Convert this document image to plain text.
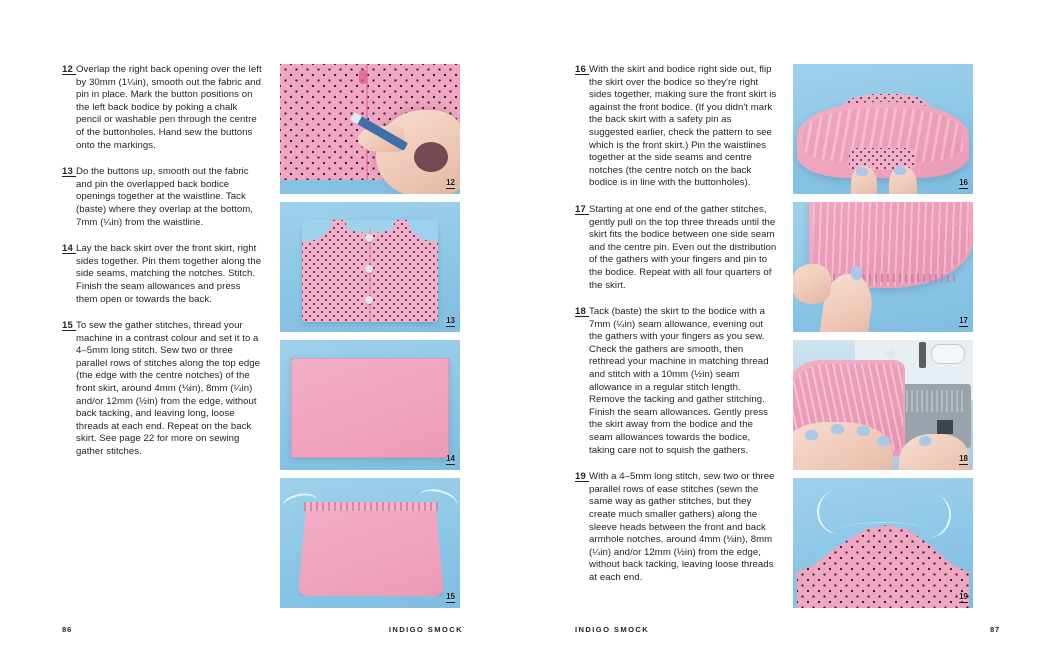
12 Overlap the right back opening over the left by 30mm (1¼in), smooth out the fabric and pin in place. Mark the button positions on the left back bodice by poking a chalk pencil or washable pen through the centre of the buttonholes. Hand sew the buttons onto the markings.
13 Do the buttons up, smooth out the fabric and pin the overlapped back bodice openings together at the waistline. Tack (baste) where they overlap at the bottom, 7mm (¼in) from the waistline.
14 Lay the back skirt over the front skirt, right sides together. Pin them together along the side seams, matching the notches. Stitch. Finish the seam allowances and press them open or towards the back.
15 To sew the gather stitches, thread your machine in a contrast colour and set it to a 4–5mm long stitch. Sew two or three parallel rows of stitches along the top edge (the edge with the centre notches) of the front skirt, around 4mm (⅛in), 8mm (¼in) and/or 12mm (½in) from the edge, without back tacking, and leaving long, loose threads at each end. Repeat on the back skirt. See page 22 for more on sewing gather stitches.
12
13
14
15
86	INDIGO SMOCK
16 With the skirt and bodice right side out, flip the skirt over the bodice so they're right sides together, making sure the front skirt is against the front bodice. (If you didn't mark the back skirt with a safety pin as suggested earlier, check the pattern to see which is the front skirt.) Pin the waistlines together at the side seams and centre notches (the centre notch on the back bodice is in line with the buttonholes).
17 Starting at one end of the gather stitches, gently pull on the top three threads until the skirt fits the bodice between one side seam and the centre pin. Even out the distribution of the gathers with your fingers and pin to the bodice. Repeat with all four quarters of the skirt.
18 Tack (baste) the skirt to the bodice with a 7mm (¼in) seam allowance, evening out the gathers with your fingers as you sew. Check the gathers are smooth, then rethread your machine in matching thread and stitch with a 10mm (½in) seam allowance in a regular stitch length. Remove the tacking and gather stitching. Finish the seam allowances. Gently press the skirt away from the bodice and the seam allowances towards the bodice, taking care not to squish the gathers.
19 With a 4–5mm long stitch, sew two or three parallel rows of ease stitches (sewn the same way as gather stitches, but they create much smaller gathers) along the sleeve heads between the front and back armhole notches, around 4mm (⅛in), 8mm (¼in) and/or 12mm (½in) from the edge, without back tacking, leaving loose threads at each end.
16
17
18
19
INDIGO SMOCK	87
